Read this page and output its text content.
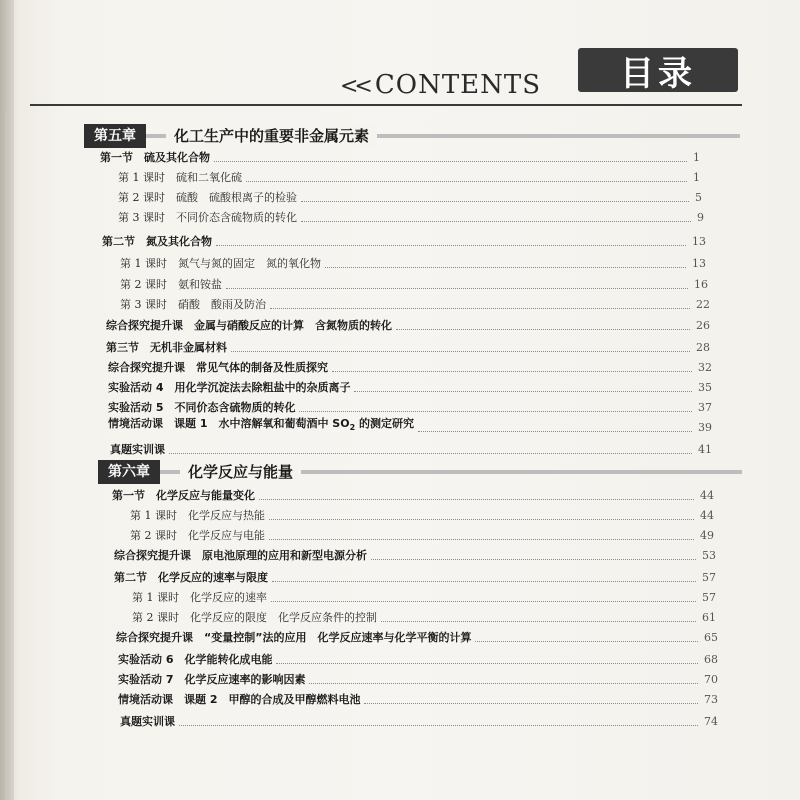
<< CONTENTS	目录
第五章	化工生产中的重要非金属元素
第一节　硫及其化合物	1
第 1 课时　硫和二氧化硫	1
第 2 课时　硫酸　硫酸根离子的检验	5
第 3 课时　不同价态含硫物质的转化	9
第二节　氮及其化合物	13
第 1 课时　氮气与氮的固定　氮的氧化物	13
第 2 课时　氨和铵盐	16
第 3 课时　硝酸　酸雨及防治	22
综合探究提升课　金属与硝酸反应的计算　含氮物质的转化	26
第三节　无机非金属材料	28
综合探究提升课　常见气体的制备及性质探究	32
实验活动 4　用化学沉淀法去除粗盐中的杂质离子	35
实验活动 5　不同价态含硫物质的转化	37
情境活动课　课题 1　水中溶解氧和葡萄酒中 $SO_2$ 的测定研究	39
真题实训课	41
第六章	化学反应与能量
第一节　化学反应与能量变化	44
第 1 课时　化学反应与热能	44
第 2 课时　化学反应与电能	49
综合探究提升课　原电池原理的应用和新型电源分析	53
第二节　化学反应的速率与限度	57
第 1 课时　化学反应的速率	57
第 2 课时　化学反应的限度　化学反应条件的控制	61
综合探究提升课　“变量控制”法的应用　化学反应速率与化学平衡的计算	65
实验活动 6　化学能转化成电能	68
实验活动 7　化学反应速率的影响因素	70
情境活动课　课题 2　甲醇的合成及甲醇燃料电池	73
真题实训课	74
